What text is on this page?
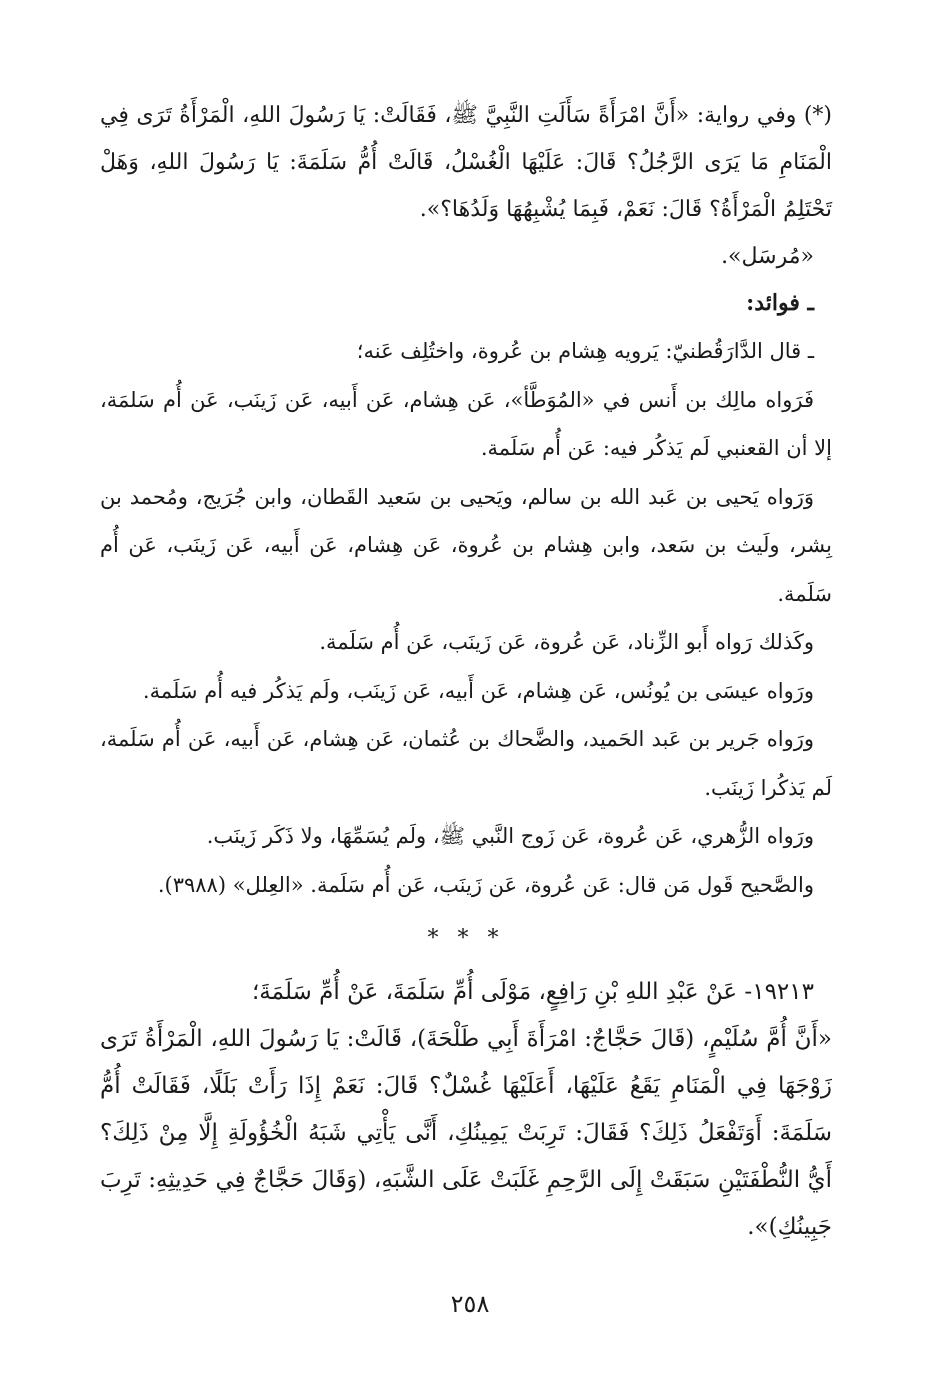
(*) وفي رواية: «أَنَّ امْرَأَةً سَأَلَتِ النَّبِيَّ ﷺ، فَقَالَتْ: يَا رَسُولَ اللهِ، الْمَرْأَةُ تَرَى فِي الْمَنَامِ مَا يَرَى الرَّجُلُ؟ قَالَ: عَلَيْهَا الْغُسْلُ، قَالَتْ أُمُّ سَلَمَةَ: يَا رَسُولَ اللهِ، وَهَلْ تَحْتَلِمُ الْمَرْأَةُ؟ قَالَ: نَعَمْ، فَبِمَا يُشْبِهُهَا وَلَدُهَا؟».

«مُرسَل».

ـ فوائد:

ـ قال الدَّارَقُطنيّ: يَرويه هِشام بن عُروة، واختُلِف عَنه؛

فَرَواه مالِك بن أَنس في «المُوَطَّأ»، عَن هِشام، عَن أَبيه، عَن زَينَب، عَن أُم سَلمَة، إلا أن القعنبي لَم يَذكُر فيه: عَن أُم سَلَمة.

وَرَواه يَحيى بن عَبد الله بن سالم، ويَحيى بن سَعيد القَطان، وابن جُرَيج، ومُحمد بن بِشر، ولَيث بن سَعد، وابن هِشام بن عُروة، عَن هِشام، عَن أَبيه، عَن زَينَب، عَن أُم سَلَمة.

وكَذلك رَواه أَبو الزِّناد، عَن عُروة، عَن زَينَب، عَن أُم سَلَمة.

ورَواه عيسَى بن يُونُس، عَن هِشام، عَن أَبيه، عَن زَينَب، ولَم يَذكُر فيه أُم سَلَمة.

ورَواه جَرير بن عَبد الحَميد، والضَّحاك بن عُثمان، عَن هِشام، عَن أَبيه، عَن أُم سَلَمة، لَم يَذكُرا زَينَب.

ورَواه الزُّهري، عَن عُروة، عَن زَوج النَّبي ﷺ، ولَم يُسَمِّهَا، ولا ذَكَر زَينَب.

والصَّحيح قَول مَن قال: عَن عُروة، عَن زَينَب، عَن أُم سَلَمة. «العِلل» (٣٩٨٨).

* * *

١٩٢١٣- عَنْ عَبْدِ اللهِ بْنِ رَافِعٍ، مَوْلَى أُمِّ سَلَمَةَ، عَنْ أُمِّ سَلَمَةَ؛

«أَنَّ أُمَّ سُلَيْمٍ، (قَالَ حَجَّاجٌ: امْرَأَةَ أَبِي طَلْحَةَ)، قَالَتْ: يَا رَسُولَ اللهِ، الْمَرْأَةُ تَرَى زَوْجَهَا فِي الْمَنَامِ يَقَعُ عَلَيْهَا، أَعَلَيْهَا غُسْلٌ؟ قَالَ: نَعَمْ إِذَا رَأَتْ بَلَلًا، فَقَالَتْ أُمُّ سَلَمَةَ: أَوَتَفْعَلُ ذَلِكَ؟ فَقَالَ: تَرِبَتْ يَمِينُكِ، أَنَّى يَأْتِي شَبَهُ الْخُؤُولَةِ إِلَّا مِنْ ذَلِكَ؟ أَيُّ النُّطْفَتَيْنِ سَبَقَتْ إِلَى الرَّحِمِ غَلَبَتْ عَلَى الشَّبَهِ، (وَقَالَ حَجَّاجٌ فِي حَدِيثِهِ: تَرِبَ جَبِينُكِ)».

٢٥٨
